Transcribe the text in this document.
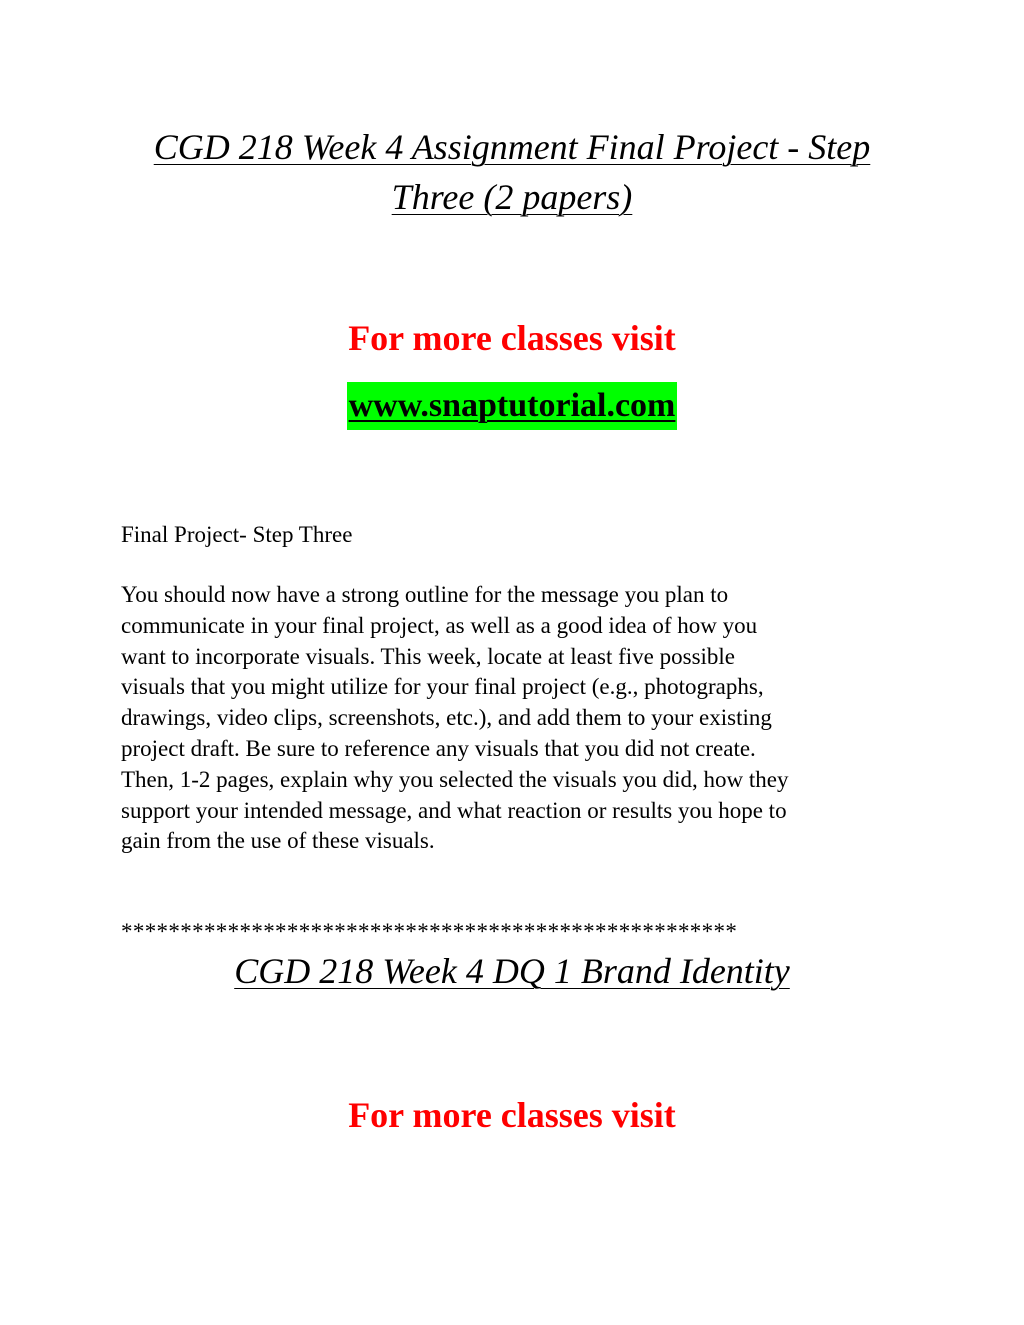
CGD 218 Week 4 Assignment Final Project - Step
Three (2 papers)

For more classes visit

www.snaptutorial.com

Final Project- Step Three

You should now have a strong outline for the message you plan to
communicate in your final project, as well as a good idea of how you
want to incorporate visuals. This week, locate at least five possible
visuals that you might utilize for your final project (e.g., photographs,
drawings, video clips, screenshots, etc.), and add them to your existing
project draft. Be sure to reference any visuals that you did not create.
Then, 1-2 pages, explain why you selected the visuals you did, how they
support your intended message, and what reaction or results you hope to
gain from the use of these visuals.

****************************************************

CGD 218 Week 4 DQ 1 Brand Identity

For more classes visit
